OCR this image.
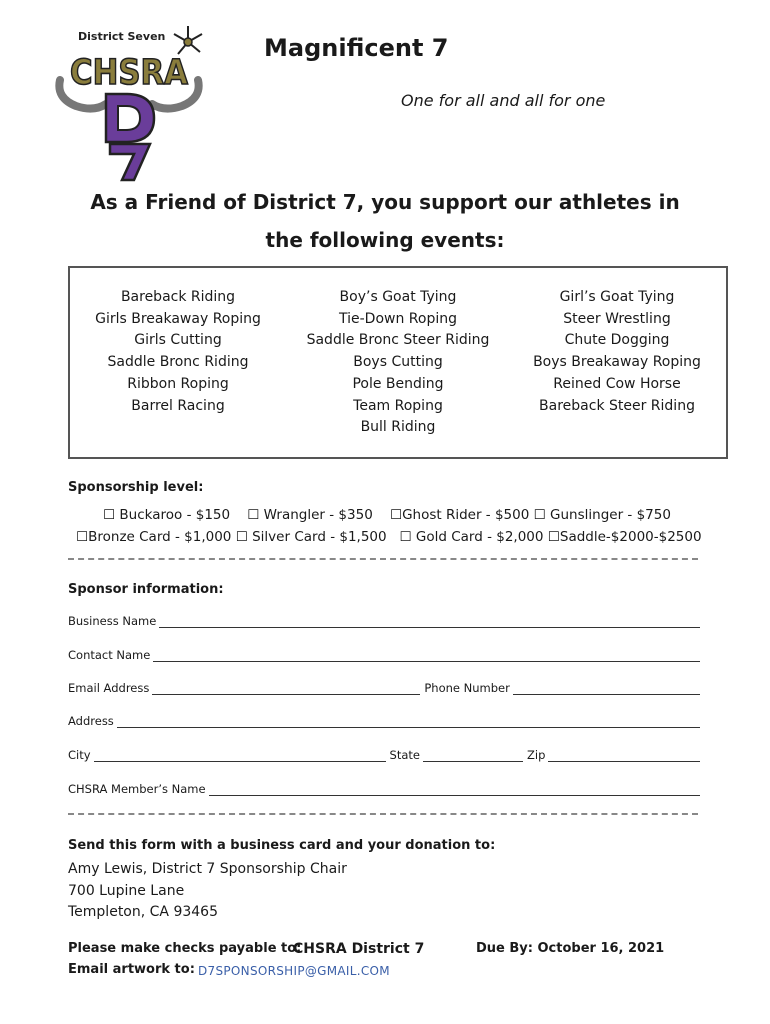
CHSRA
District Seven	Magnificent 7
One for all and all for one
As a Friend of District 7, you support our athletes in
the following events:
Bareback Riding
Girls Breakaway Roping
Girls Cutting
Saddle Bronc Riding
Ribbon Roping
Barrel Racing
Boy’s Goat Tying
Tie-Down Roping
Saddle Bronc Steer Riding
Boys Cutting
Pole Bending
Team Roping
Bull Riding
Girl’s Goat Tying
Steer Wrestling
Chute Dogging
Boys Breakaway Roping
Reined Cow Horse
Bareback Steer Riding
Sponsorship level:
☐ Buckaroo - $150 ☐ Wrangler - $350 ☐Ghost Rider - $500 ☐ Gunslinger - $750
☐Bronze Card - $1,000 ☐ Silver Card - $1,500 ☐ Gold Card - $2,000 ☐Saddle-$2000-$2500
Sponsor information:
Business Name
Contact Name
Email Address	Phone Number
Address
City	State	Zip
CHSRA Member’s Name
Send this form with a business card and your donation to:
Amy Lewis, District 7 Sponsorship Chair
700 Lupine Lane
Templeton, CA 93465
Please make checks payable to:
CHSRA District 7	Due By: October 16, 2021
Email artwork to: D7SPONSORSHIP@GMAIL.COM
